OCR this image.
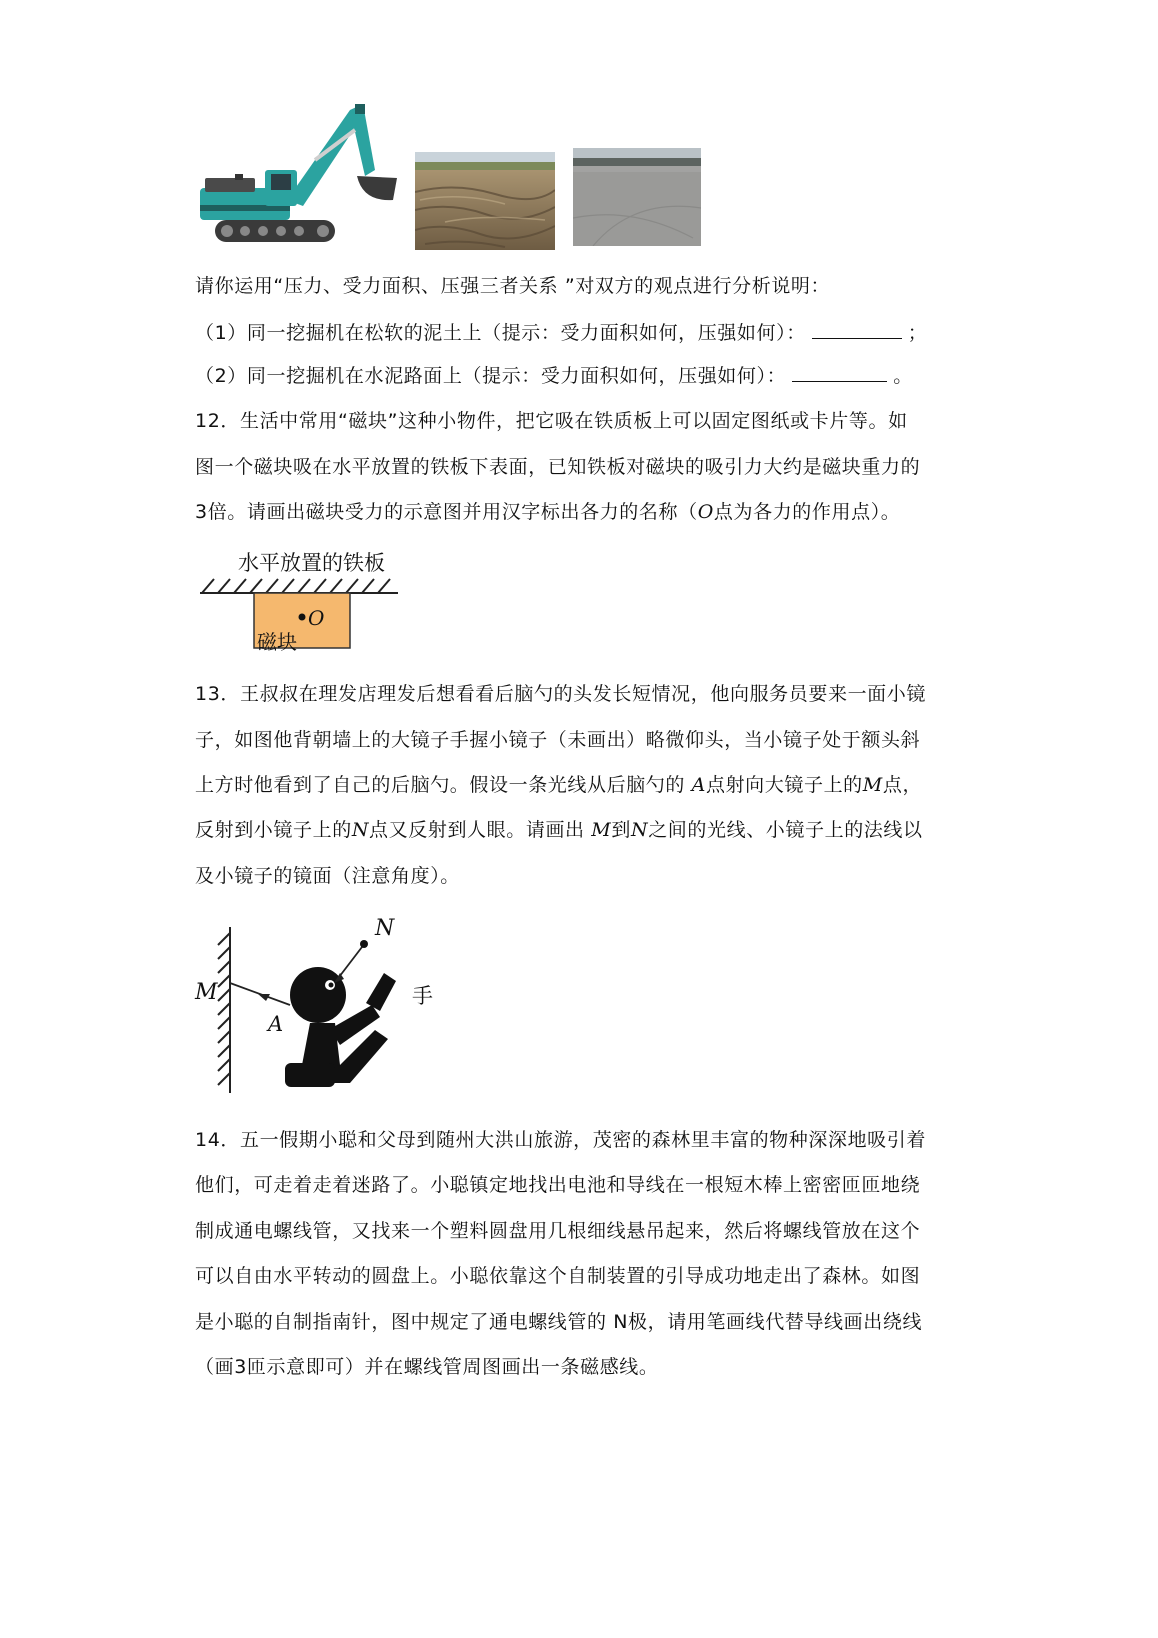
请你运用“压力、受力面积、压强三者关系 ”对双方的观点进行分析说明：
（1）同一挖掘机在松软的泥土上（提示：受力面积如何，压强如何）：	；
（2）同一挖掘机在水泥路面上（提示：受力面积如何，压强如何）：	。
12．生活中常用“磁块”这种小物件，把它吸在铁质板上可以固定图纸或卡片等。如
图一个磁块吸在水平放置的铁板下表面，已知铁板对磁块的吸引力大约是磁块重力的
3倍。请画出磁块受力的示意图并用汉字标出各力的名称（O点为各力的作用点）。
水平放置的铁板
O
磁块
13．王叔叔在理发店理发后想看看后脑勺的头发长短情况，他向服务员要来一面小镜
子，如图他背朝墙上的大镜子手握小镜子（未画出）略微仰头，当小镜子处于额头斜
上方时他看到了自己的后脑勺。假设一条光线从后脑勺的 A点射向大镜子上的M点，
反射到小镜子上的N点又反射到人眼。请画出 M到N之间的光线、小镜子上的法线以
及小镜子的镜面（注意角度）。
N
M
A
手
14．五一假期小聪和父母到随州大洪山旅游，茂密的森林里丰富的物种深深地吸引着
他们，可走着走着迷路了。小聪镇定地找出电池和导线在一根短木棒上密密匝匝地绕
制成通电螺线管，又找来一个塑料圆盘用几根细线悬吊起来，然后将螺线管放在这个
可以自由水平转动的圆盘上。小聪依靠这个自制装置的引导成功地走出了森林。如图
是小聪的自制指南针，图中规定了通电螺线管的 N极，请用笔画线代替导线画出绕线
（画3匝示意即可）并在螺线管周图画出一条磁感线。
